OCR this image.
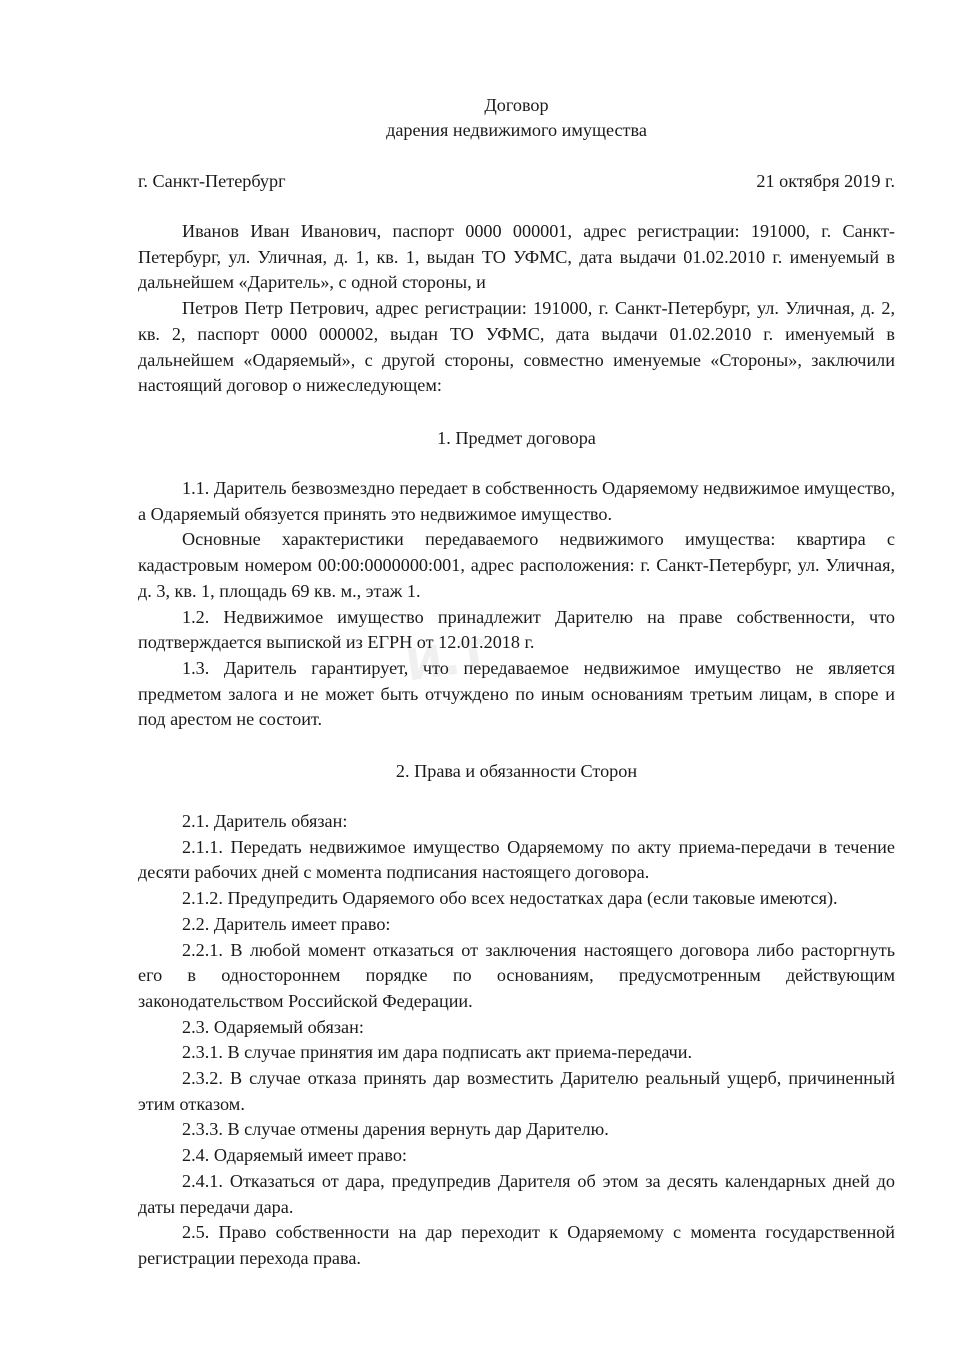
и.т
Договор
дарения недвижимого имущества
г. Санкт-Петербург	21 октября 2019 г.

Иванов Иван Иванович, паспорт 0000 000001, адрес регистрации: 191000, г. Санкт-Петербург, ул. Уличная, д. 1, кв. 1, выдан ТО УФМС, дата выдачи 01.02.2010 г. именуемый в дальнейшем «Даритель», с одной стороны, и

Петров Петр Петрович, адрес регистрации: 191000, г. Санкт-Петербург, ул. Уличная, д. 2, кв. 2, паспорт 0000 000002, выдан ТО УФМС, дата выдачи 01.02.2010 г. именуемый в дальнейшем «Одаряемый», с другой стороны, совместно именуемые «Стороны», заключили настоящий договор о нижеследующем:

1. Предмет договора

1.1. Даритель безвозмездно передает в собственность Одаряемому недвижимое имущество, а Одаряемый обязуется принять это недвижимое имущество.

Основные характеристики передаваемого недвижимого имущества: квартира с кадастровым номером 00:00:0000000:001, адрес расположения: г. Санкт-Петербург, ул. Уличная, д. 3, кв. 1, площадь 69 кв. м., этаж 1.

1.2. Недвижимое имущество принадлежит Дарителю на праве собственности, что подтверждается выпиской из ЕГРН от 12.01.2018 г.

1.3. Даритель гарантирует, что передаваемое недвижимое имущество не является предметом залога и не может быть отчуждено по иным основаниям третьим лицам, в споре и под арестом не состоит.

2. Права и обязанности Сторон

2.1. Даритель обязан:

2.1.1. Передать недвижимое имущество Одаряемому по акту приема-передачи в течение десяти рабочих дней с момента подписания настоящего договора.

2.1.2. Предупредить Одаряемого обо всех недостатках дара (если таковые имеются).

2.2. Даритель имеет право:

2.2.1. В любой момент отказаться от заключения настоящего договора либо расторгнуть его в одностороннем порядке по основаниям, предусмотренным действующим законодательством Российской Федерации.

2.3. Одаряемый обязан:

2.3.1. В случае принятия им дара подписать акт приема-передачи.

2.3.2. В случае отказа принять дар возместить Дарителю реальный ущерб, причиненный этим отказом.

2.3.3. В случае отмены дарения вернуть дар Дарителю.

2.4. Одаряемый имеет право:

2.4.1. Отказаться от дара, предупредив Дарителя об этом за десять календарных дней до даты передачи дара.

2.5. Право собственности на дар переходит к Одаряемому с момента государственной регистрации перехода права.
